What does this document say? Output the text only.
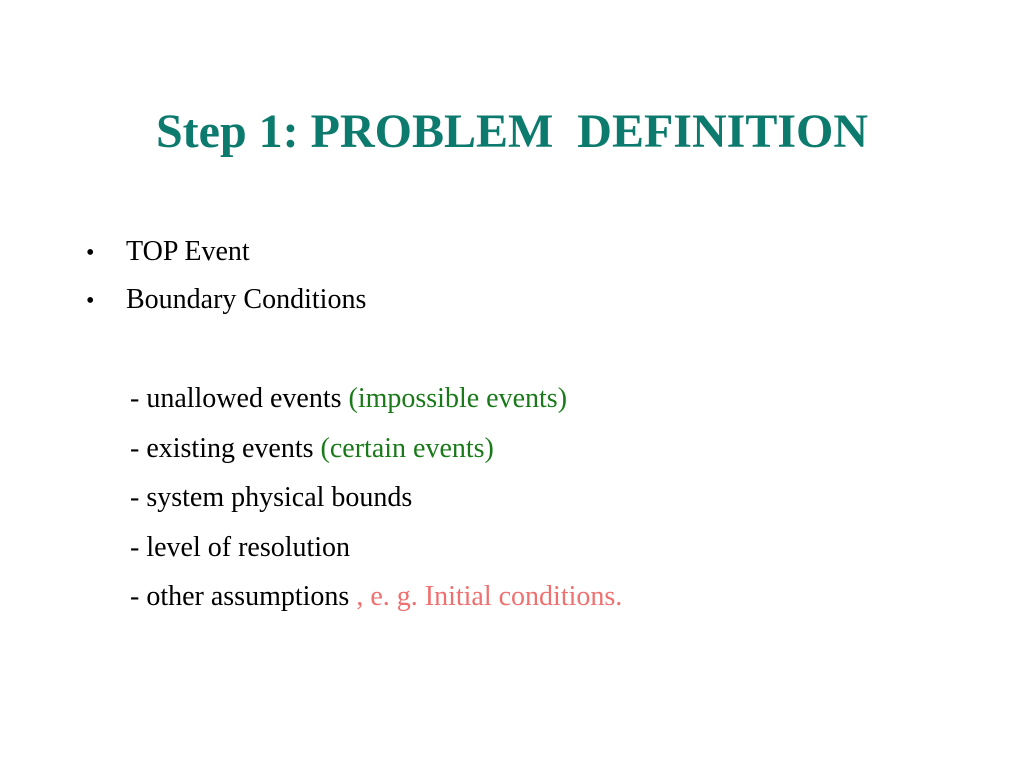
Step 1: PROBLEM  DEFINITION
•	TOP Event
•	Boundary Conditions
- unallowed events (impossible events)
- existing events (certain events)
- system physical bounds
- level of resolution
- other assumptions , e. g. Initial conditions.
